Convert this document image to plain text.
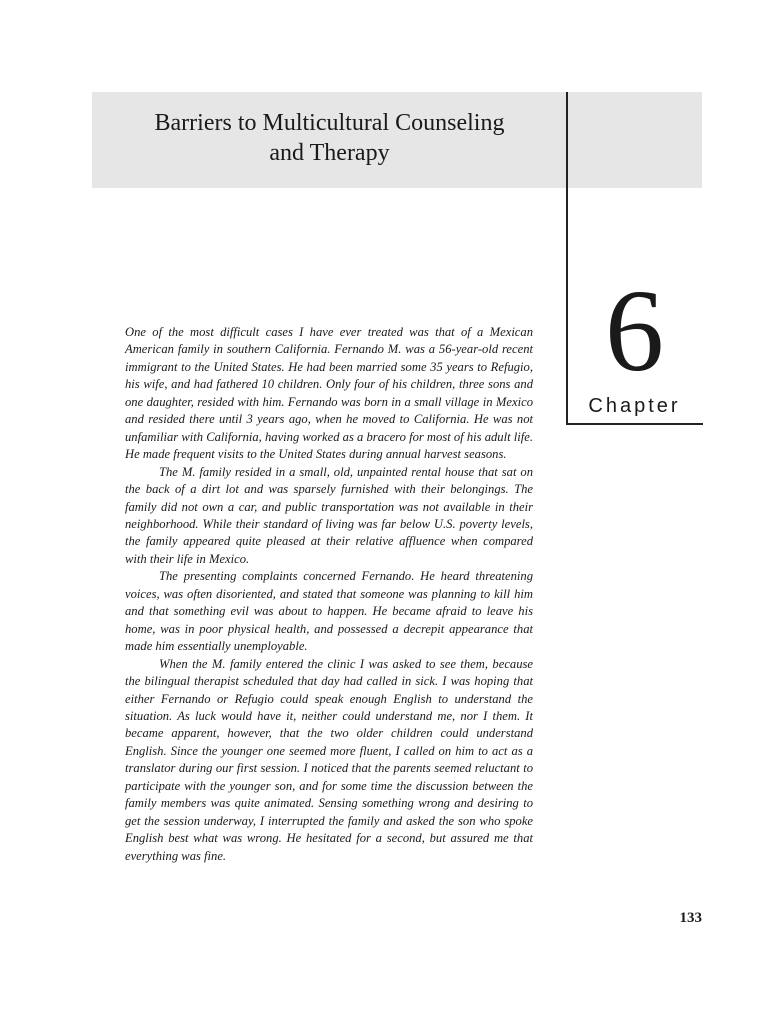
Barriers to Multicultural Counseling
and Therapy
6
Chapter

One of the most difficult cases I have ever treated was that of a Mexican American family in southern California. Fernando M. was a 56-year-old recent immigrant to the United States. He had been married some 35 years to Refugio, his wife, and had fathered 10 children. Only four of his children, three sons and one daughter, resided with him. Fernando was born in a small village in Mexico and resided there until 3 years ago, when he moved to California. He was not unfamiliar with California, having worked as a bracero for most of his adult life. He made frequent visits to the United States during annual harvest seasons.

The M. family resided in a small, old, unpainted rental house that sat on the back of a dirt lot and was sparsely furnished with their belongings. The family did not own a car, and public transportation was not available in their neighborhood. While their standard of living was far below U.S. poverty levels, the family appeared quite pleased at their relative affluence when compared with their life in Mexico.

The presenting complaints concerned Fernando. He heard threatening voices, was often disoriented, and stated that someone was planning to kill him and that something evil was about to happen. He became afraid to leave his home, was in poor physical health, and possessed a decrepit appearance that made him essentially unemployable.

When the M. family entered the clinic I was asked to see them, because the bilingual therapist scheduled that day had called in sick. I was hoping that either Fernando or Refugio could speak enough English to understand the situation. As luck would have it, neither could understand me, nor I them. It became apparent, however, that the two older children could understand English. Since the younger one seemed more fluent, I called on him to act as a translator during our first session. I noticed that the parents seemed reluctant to participate with the younger son, and for some time the discussion between the family members was quite animated. Sensing something wrong and desiring to get the session underway, I interrupted the family and asked the son who spoke English best what was wrong. He hesitated for a second, but assured me that everything was fine.

133
